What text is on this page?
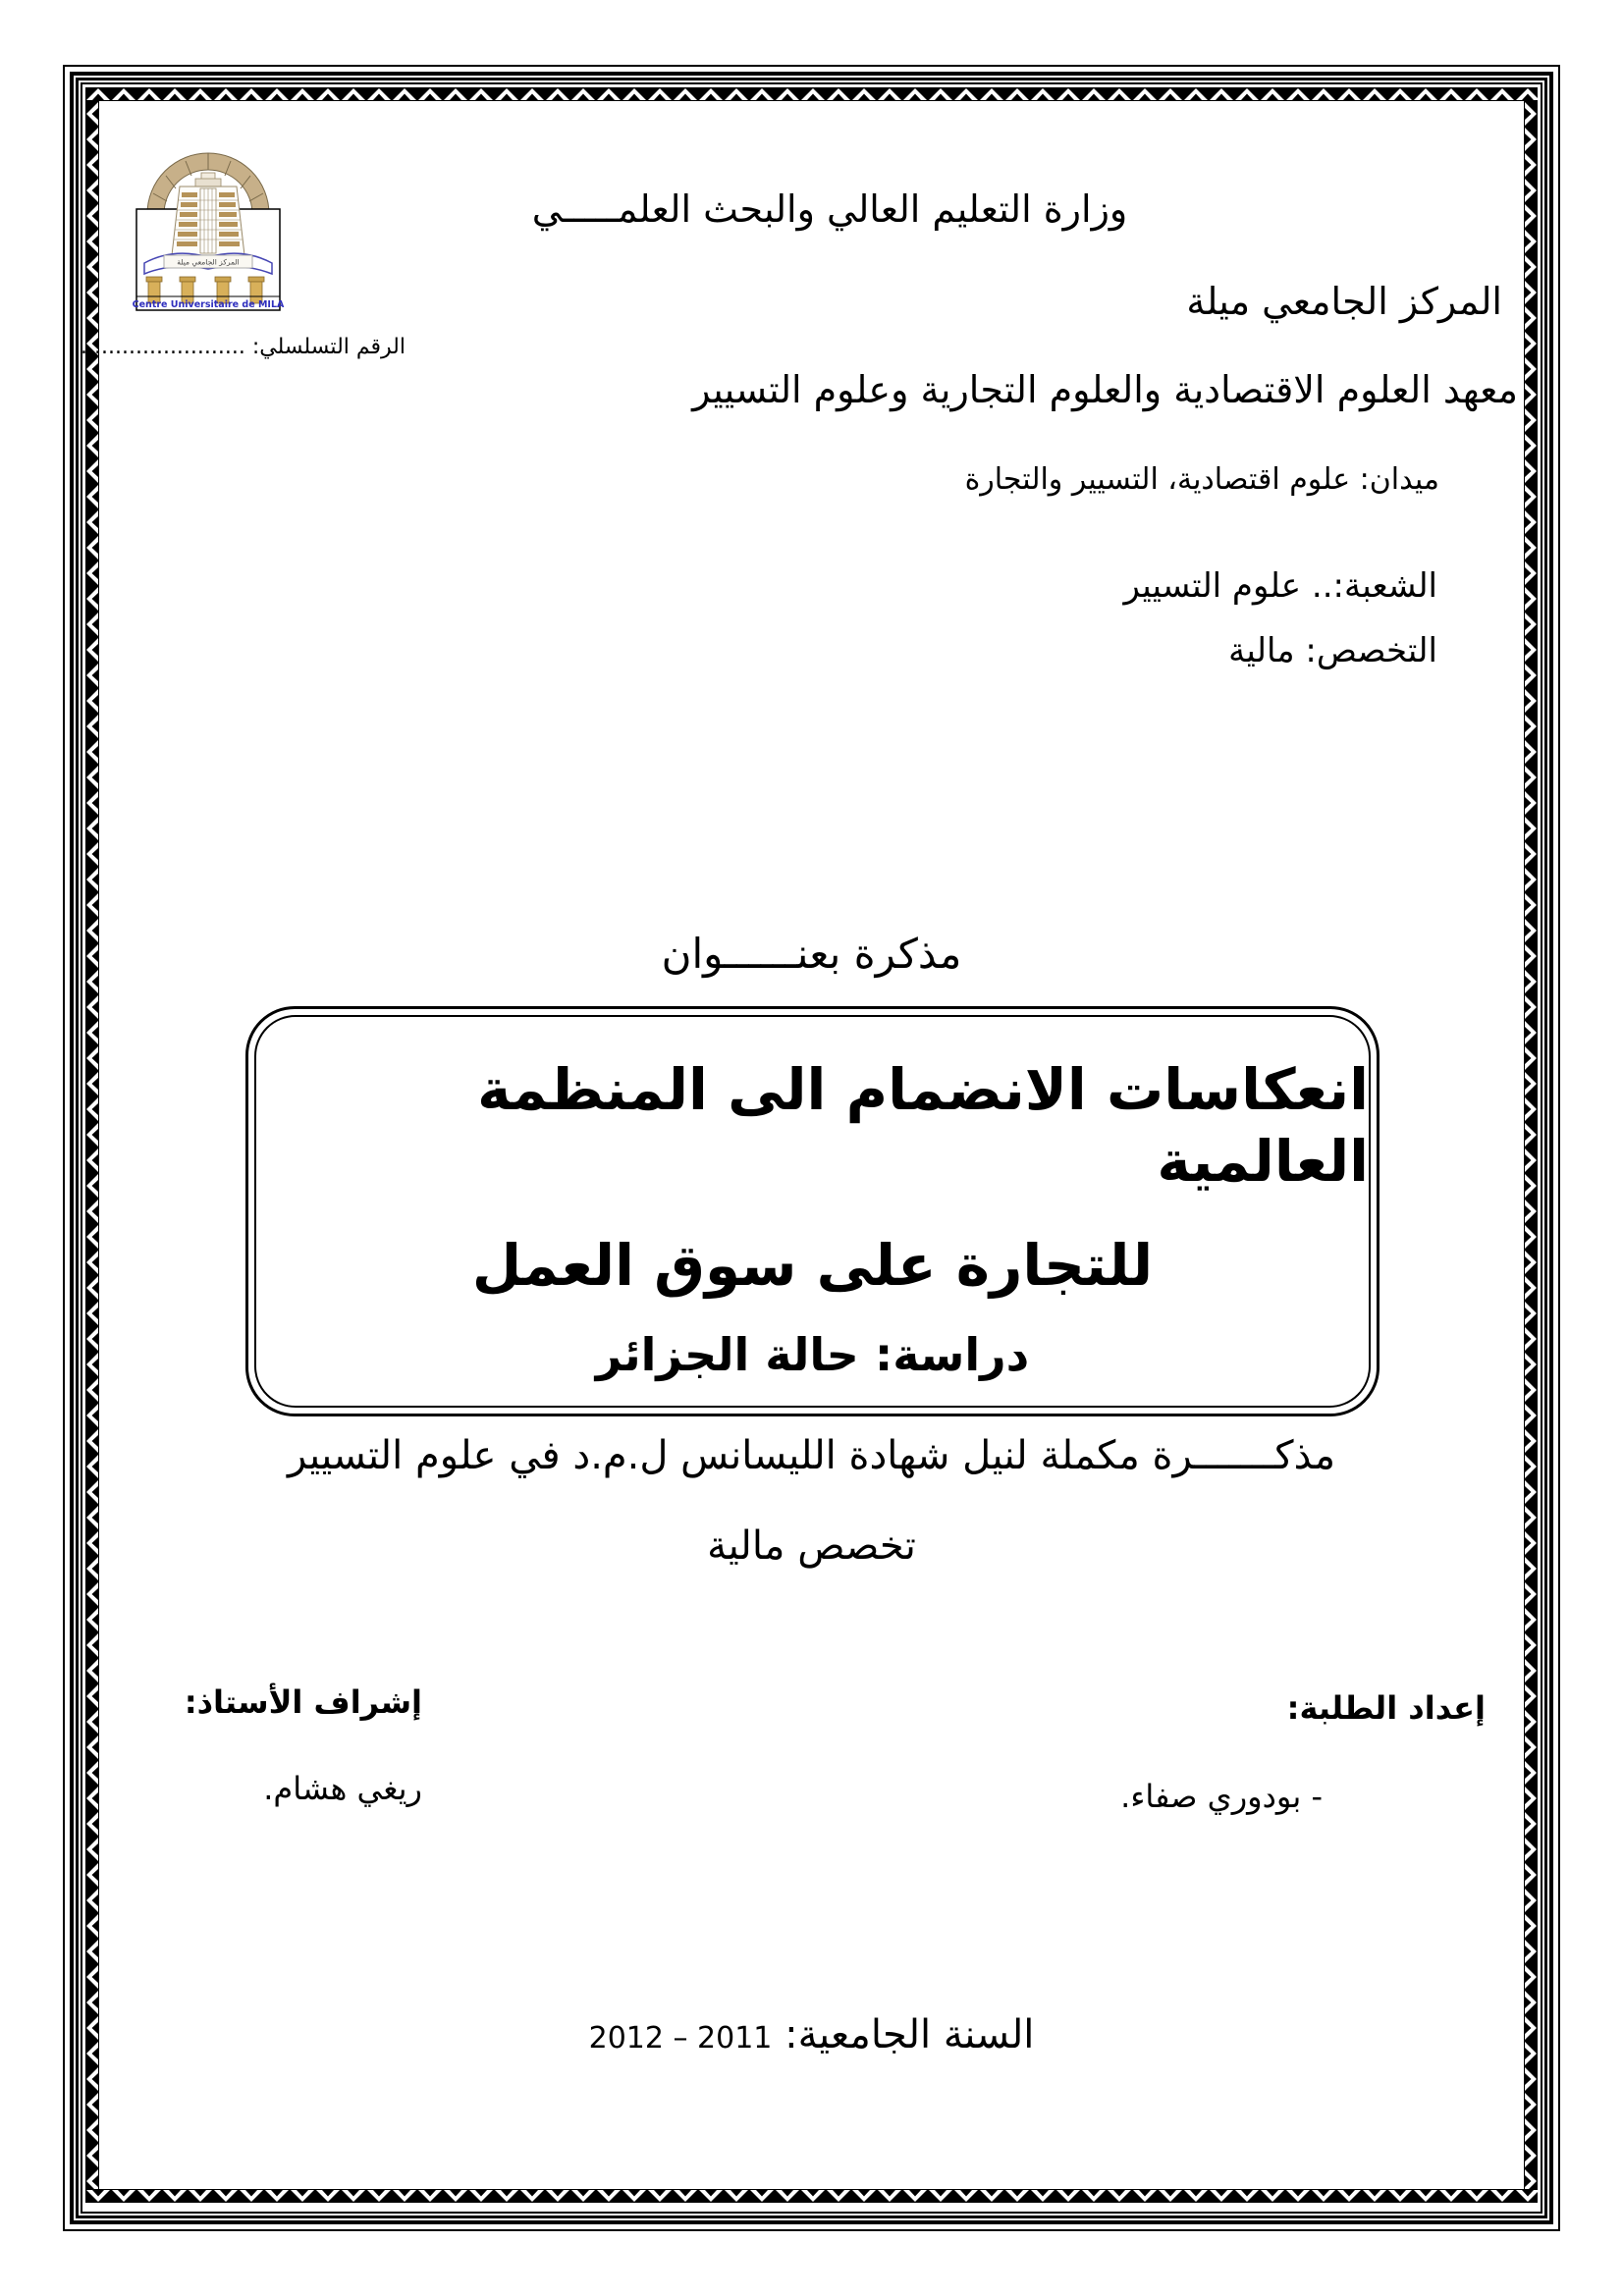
المركز الجامعي ميلة
Centre Universitaire de MILA
وزارة التعليم العالي والبحث العلمـــــي
المركز الجامعي ميلة
الرقم التسلسلي: ........................
معهد العلوم الاقتصادية والعلوم التجارية وعلوم التسيير
ميدان: علوم اقتصادية، التسيير والتجارة
الشعبة:.. علوم التسيير
التخصص: مالية
مذكرة بعنــــــوان
انعكاسات الانضمام الى المنظمة العالمية
للتجارة على سوق العمل
دراسة: حالة الجزائر
مذكـــــــرة مكملة لنيل شهادة الليسانس ل.م.د في علوم التسيير
تخصص مالية
إشراف الأستاذ:
ريغي هشام.
إعداد الطلبة:
- بودوري صفاء.
السنة الجامعية: 2011 – 2012
